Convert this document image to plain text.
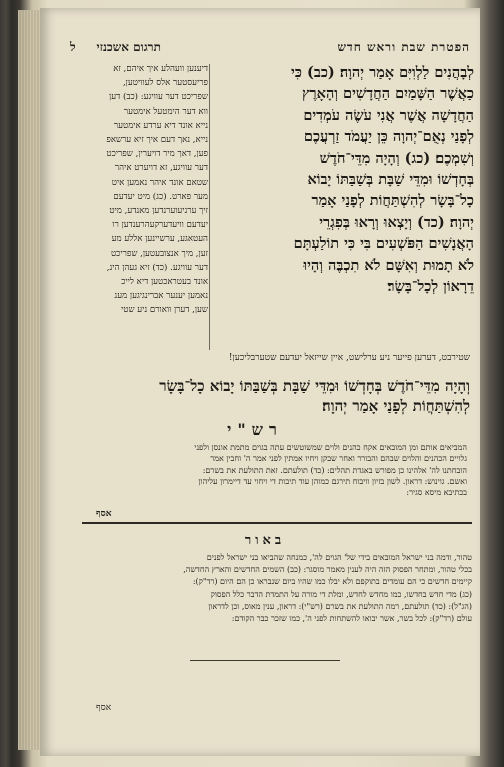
הפטרת שבת וראש חדש
תרגום אשכנזי     ל
דיענען וועהלע איך איהם, זא
פריעסטער אלס לעוויטען,
שפריכט דער עוויגע: (כב) דען
ווא דער הימטעל אימטער
נייא אונד דיא ערדע אימטער
נייא, נאך דעם איך זיא ערשאפ
פען, דאך מיר דויערין, שפריכט
דער עוויגע, זא דויערט איהר
שטאם אונד איהר נאמען איט
מער פארט. (כג) מיט יעדעם
זיך ערניעוערנדען מאנדע, מיט
יעדעם וויעדערקעהרענדען רו
העטאגע, ערשיינען אללע מע
זען, מיך אנצובעטען, שפריכט
דער עוויגע. (כד) זיא געהן הינ,
אונד בעטראכטען דיא לייכ
נאמען יענער אברינגיגען מענ
שען, דערן וואורם ניע שטי
לְבָהֲנִים לַלְוִיִּם אָמַר יְהוָה׃ (כב) כִּי
כַאֲשֶׁר הַשָּׁמַיִם הַחֲדָשִׁים וְהָאָרֶץ
הַחֲדָשָׁה אֲשֶׁר אֲנִי עֹשֶׂה עֹמְדִים
לְפָנַי נְאֻם־יְהוָה כֵּן יַעֲמֹד זַרְעֲכֶם
וְשִׁמְכֶם׃ (כג) וְהָיָה מִדֵּי־חֹדֶשׁ
בְּחָדְשׁוֹ וּמִדֵּי שַׁבָּת בְּשַׁבַּתּוֹ יָבוֹא
כָל־בָּשָׂר לְהִשְׁתַּחֲוֹת לְפָנַי אָמַר
יְהוָה׃ (כד) וְיָצְאוּ וְרָאוּ בְּפִגְרֵי
הָאֲנָשִׁים הַפֹּשְׁעִים בִּי כִּי תוֹלַעְתָּם
לֹא תָמוּת וְאִשָּׁם לֹא תִכְבֶּה וְהָיוּ
דֵרָאוֹן לְכָל־בָּשָׂר׃
שטירבט, דערען פייער ניע ערלישט, איין שייזאל יעדעם שטערבליכען!
וְהָיָה מִדֵּי־חֹדֶשׁ בְּחָדְשׁוֹ וּמִדֵּי שַׁבָּת בְּשַׁבַּתּוֹ יָבוֹא כָל־בָּשָׂר
לְהִשְׁתַּחֲוֹת לְפָנַי אָמַר יְהוָה׃
רש"י
המביאים אותם ומן המובאים אקח כהנים ולוים שמשוטשים עתה בגוים מתמת אונסן ולפני
גלויים הכהנים והלוים שבהם והבורר ואחר שבקן ויחיו אמתין לפני אמר ה' וחבין אמר
הובחתנו לה' אלהינו כן מפורש באגדת תהלים: (כד) תולעתם. זאת התולעת את בשרם:
ואשם. גוינוש: דראון. לשון בזיון וויבוח תירגם כמוהן עוד תיבות די ויחוי עד דיימרון עליהון
בכתיבא מיסא סגיר:
אסף
באור
טהור, ודמה בני ישראל המובאים בידי של' הגוים לה', כמנחה שהביאו בני ישראל לפנים
בכלי טהור, ומתחר הפסוק הזה היה לענין מאמר מוסגר: (כב) השמים החדשים והארץ החדשה,
קיימים חדשים כי הם עומדים בתוקפם ולא יבלו כמו שהיו ביום שנבראו כן הם היום (רד"ק):
(כג) מדי חדש בחדשו, כמו מחדש לחדש, ומלת די מורה על התמדת הדבר כלל הפסוק
(הג"ל): (כד) תולעתם, רמה התולעת את בשרם (רש"י): דראון, ענין מאוס, וכן לדראון
עולם (רד"ק): לכל בשר, אשר יבואו להשתחות לפני ה', כמו שזכר כבר הקודם:
אסף
